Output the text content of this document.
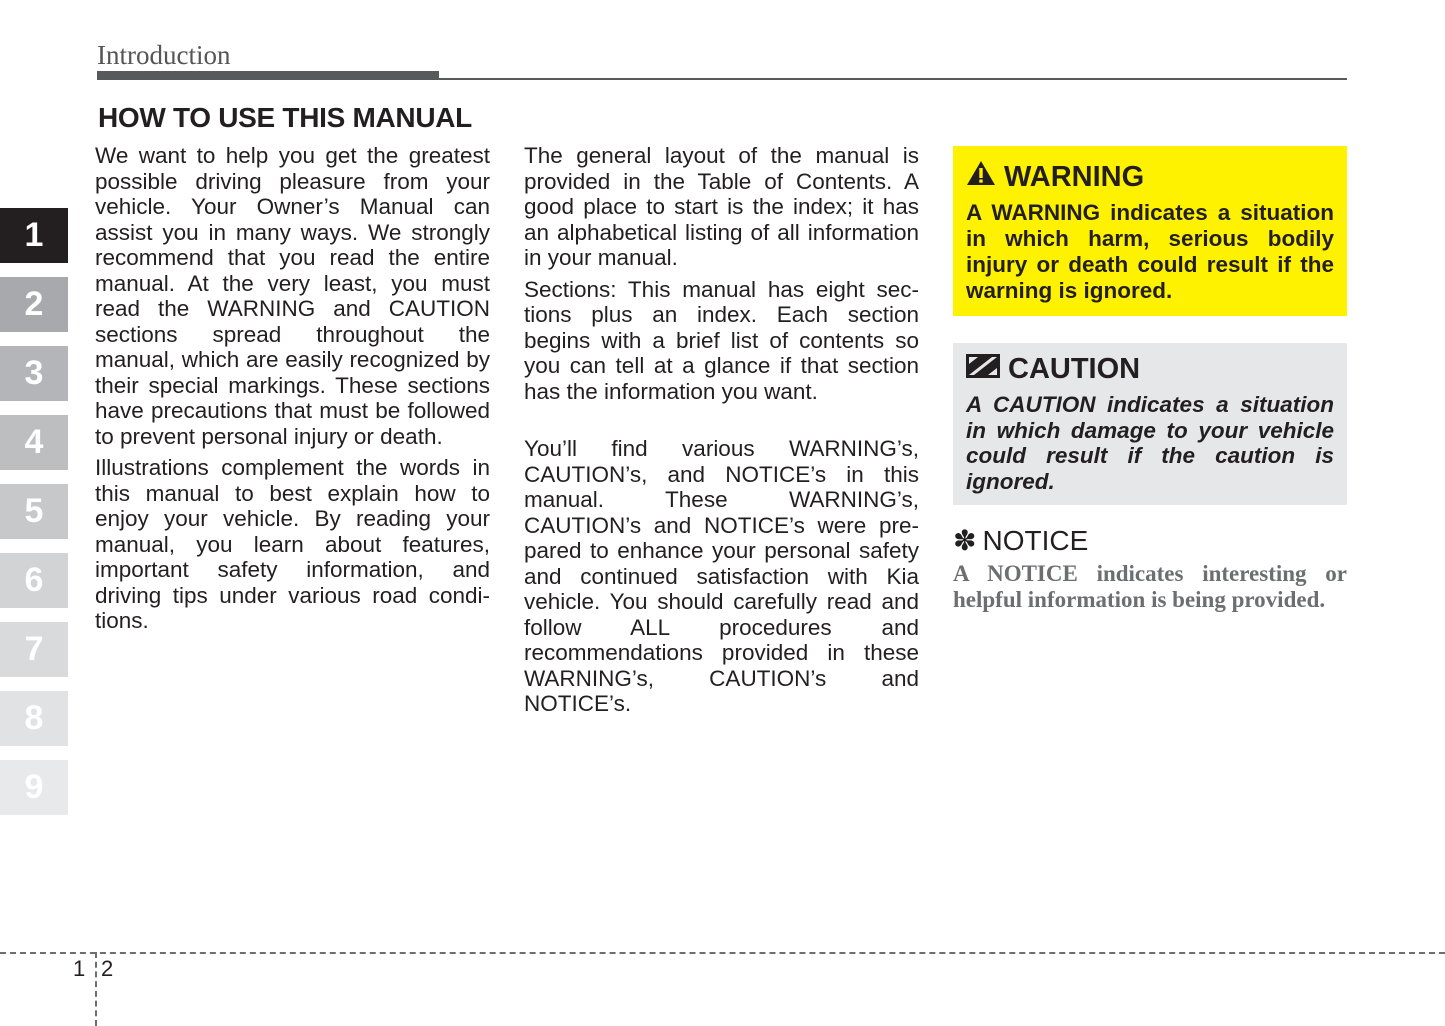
Introduction
1
2
3
4
5
6
7
8
9
HOW TO USE THIS MANUAL

We want to help you get the greatest possible driving pleasure from your vehicle. Your Owner’s Manual can assist you in many ways. We strongly recommend that you read the entire manual. At the very least, you must read the WARNING and CAUTION sections spread throughout the manual, which are easily recognized by their special markings. These sections have precautions that must be followed to prevent personal injury or death.

Illustrations complement the words in this manual to best explain how to enjoy your vehicle. By reading your manual, you learn about features, important safety information, and driving tips under various road conditions.

The general layout of the manual is provided in the Table of Contents. A good place to start is the index; it has an alphabetical listing of all information in your manual.

Sections: This manual has eight sections plus an index. Each section begins with a brief list of contents so you can tell at a glance if that section has the information you want.

You’ll find various WARNING’s, CAUTION’s, and NOTICE’s in this manual. These WARNING’s, CAUTION’s and NOTICE’s were prepared to enhance your personal safety and continued satisfaction with Kia vehicle. You should carefully read and follow ALL procedures and recommendations provided in these WARNING’s, CAUTION’s and NOTICE’s.

WARNING
A WARNING indicates a situation in which harm, serious bodily injury or death could result if the warning is ignored.
CAUTION
A CAUTION indicates a situation in which damage to your vehicle could result if the caution is ignored.
✽ NOTICE
A NOTICE indicates interesting or helpful information is being provided.
1 2
